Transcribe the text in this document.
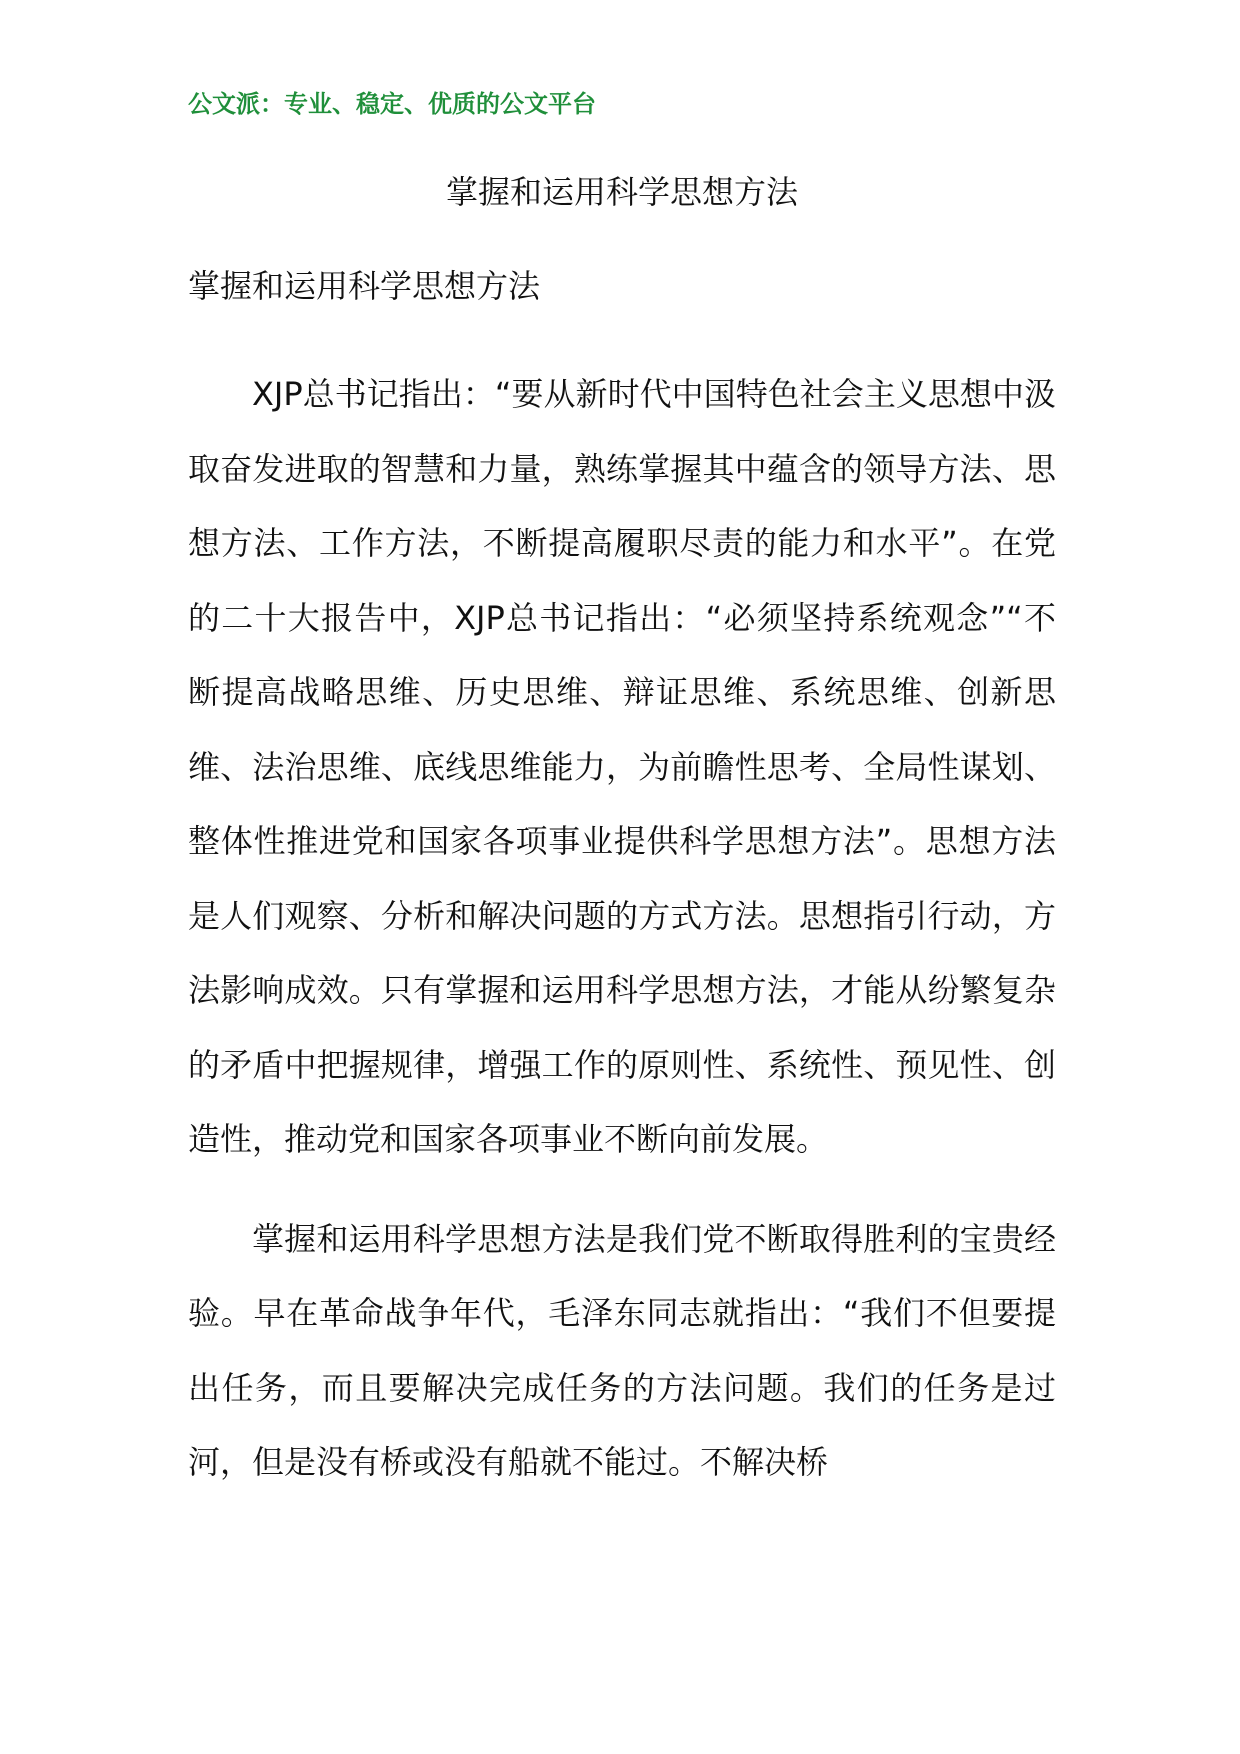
公文派：专业、稳定、优质的公文平台
掌握和运用科学思想方法
掌握和运用科学思想方法

XJP总书记指出：“要从新时代中国特色社会主义思想中汲取奋发进取的智慧和力量，熟练掌握其中蕴含的领导方法、思想方法、工作方法，不断提高履职尽责的能力和水平”。在党的二十大报告中，XJP总书记指出：“必须坚持系统观念”“不断提高战略思维、历史思维、辩证思维、系统思维、创新思维、法治思维、底线思维能力，为前瞻性思考、全局性谋划、整体性推进党和国家各项事业提供科学思想方法”。思想方法是人们观察、分析和解决问题的方式方法。思想指引行动，方法影响成效。只有掌握和运用科学思想方法，才能从纷繁复杂的矛盾中把握规律，增强工作的原则性、系统性、预见性、创造性，推动党和国家各项事业不断向前发展。

掌握和运用科学思想方法是我们党不断取得胜利的宝贵经验。早在革命战争年代，毛泽东同志就指出：“我们不但要提出任务，而且要解决完成任务的方法问题。我们的任务是过河，但是没有桥或没有船就不能过。不解决桥
